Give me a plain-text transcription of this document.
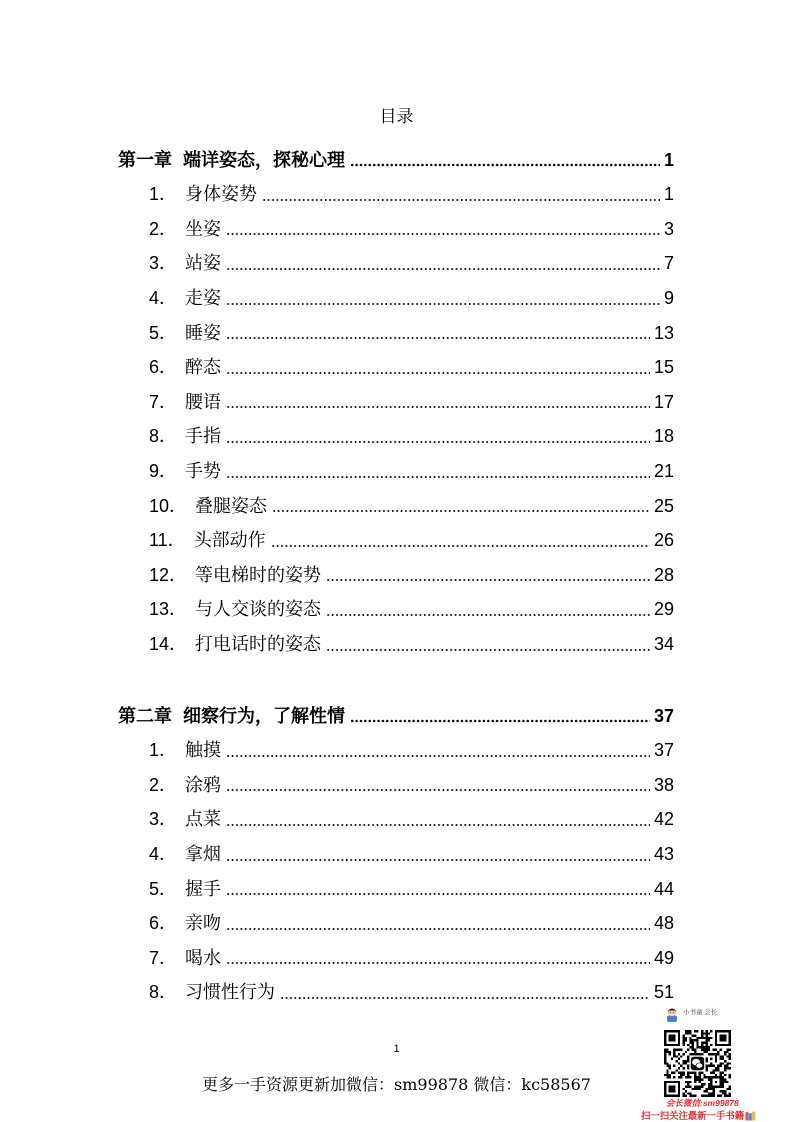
目录
第一章 端详姿态，探秘心理	1
1． 身体姿势	1
2． 坐姿	3
3． 站姿	7
4． 走姿	9
5． 睡姿	13
6． 醉态	15
7． 腰语	17
8． 手指	18
9． 手势	21
10． 叠腿姿态	25
11． 头部动作	26
12． 等电梯时的姿势	28
13． 与人交谈的姿态	29
14． 打电话时的姿态	34
第二章 细察行为，了解性情	37
1． 触摸	37
2． 涂鸦	38
3． 点菜	42
4． 拿烟	43
5． 握手	44
6． 亲吻	48
7． 喝水	49
8． 习惯性行为	51
1
更多一手资源更新加微信：sm99878 微信：kc58567
小书童 会长
会长微信:sm99878
扫一扫关注最新一手书籍
